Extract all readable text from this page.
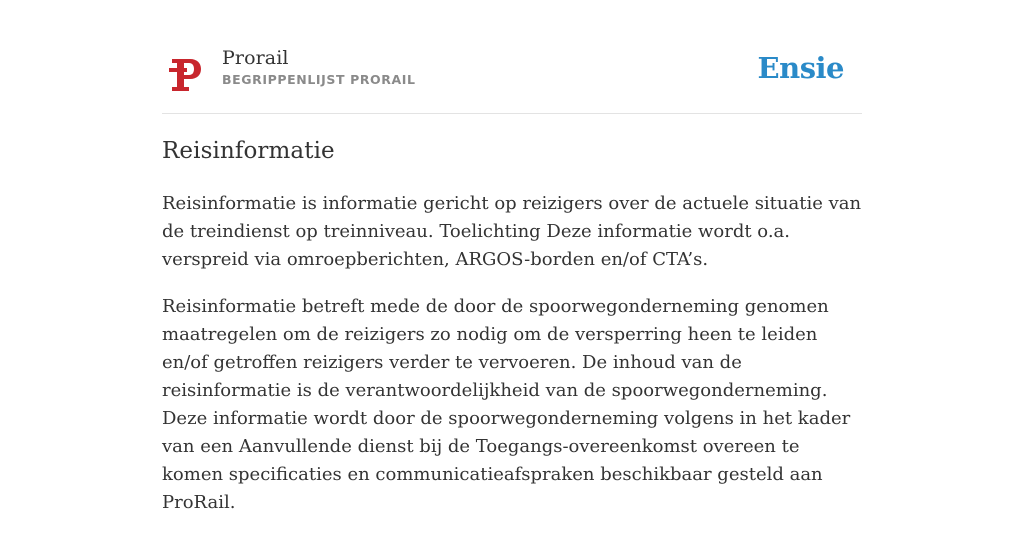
Prorail
BEGRIPPENLIJST PRORAIL	Ensie
Reisinformatie

Reisinformatie is informatie gericht op reizigers over de actuele situatie van de treindienst op treinniveau. Toelichting Deze informatie wordt o.a. verspreid via omroepberichten, ARGOS-borden en/of CTA’s.

Reisinformatie betreft mede de door de spoorwegonderneming genomen maatregelen om de reizigers zo nodig om de versperring heen te leiden en/of getroffen reizigers verder te vervoeren. De inhoud van de reisinformatie is de verantwoordelijkheid van de spoorwegonderneming. Deze informatie wordt door de spoorwegonderneming volgens in het kader van een Aanvullende dienst bij de Toegangs-overeenkomst overeen te komen specificaties en communicatieafspraken beschikbaar gesteld aan ProRail.
